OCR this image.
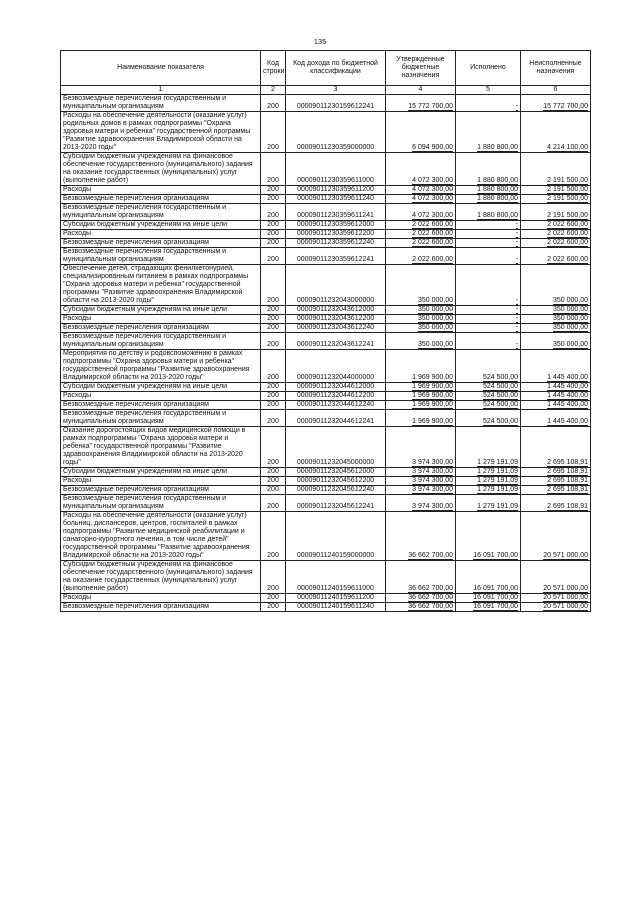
135
Наименование показателя	Код строки	Код дохода по бюджетной классификации	Утвержденные бюджетные назначения	Исполнено	Неисполненные назначения
1	2	3	4	5	6
Безвозмездные перечисления государственным и муниципальным организациям	200	00009011230159612241	15 772 700,00	-	15 772 700,00
Расходы на обеспечение деятельности (оказание услуг) родильных домов в рамках подпрограммы "Охрана здоровья матери и ребенка" государственной программы "Развитие здравоохранения Владимирской области на 2013-2020 годы"	200	00009011230359000000	6 094 900,00	1 880 800,00	4 214 100,00
Субсидии бюджетным учреждениям на финансовое обеспечение государственного (муниципального) задания на оказание государственных (муниципальных) услуг (выполнение работ)	200	00009011230359611000	4 072 300,00	1 880 800,00	2 191 500,00
Расходы	200	00009011230359611200	4 072 300,00	1 880 800,00	2 191 500,00
Безвозмездные перечисления организациям	200	00009011230359611240	4 072 300,00	1 880 800,00	2 191 500,00
Безвозмездные перечисления государственным и муниципальным организациям	200	00009011230359611241	4 072 300,00	1 880 800,00	2 191 500,00
Субсидии бюджетным учреждениям на иные цели	200	00009011230359612000	2 022 600,00	-	2 022 600,00
Расходы	200	00009011230359612200	2 022 600,00	-	2 022 600,00
Безвозмездные перечисления организациям	200	00009011230359612240	2 022 600,00	-	2 022 600,00
Безвозмездные перечисления государственным и муниципальным организациям	200	00009011230359612241	2 022 600,00	-	2 022 600,00
Обеспечение детей, страдающих фенилкетонурией, специализированным питанием в рамках подпрограммы "Охрана здоровья матери и ребенка" государственной программы "Развитие здравоохранения Владимирской области на 2013-2020 годы"	200	00009011232043000000	350 000,00	-	350 000,00
Субсидии бюджетным учреждениям на иные цели	200	00009011232043612000	350 000,00	-	350 000,00
Расходы	200	00009011232043612200	350 000,00	-	350 000,00
Безвозмездные перечисления организациям	200	00009011232043612240	350 000,00	-	350 000,00
Безвозмездные перечисления государственным и муниципальным организациям	200	00009011232043612241	350 000,00	-	350 000,00
Мероприятия по детству и родовспоможению в рамках подпрограммы "Охрана здоровья матери и ребенка" государственной программы "Развитие здравоохранения Владимирской области на 2013-2020 годы"	200	00009011232044000000	1 969 900,00	524 500,00	1 445 400,00
Субсидии бюджетным учреждениям на иные цели	200	00009011232044612000	1 969 900,00	524 500,00	1 445 400,00
Расходы	200	00009011232044612200	1 969 900,00	524 500,00	1 445 400,00
Безвозмездные перечисления организациям	200	00009011232044612240	1 969 900,00	524 500,00	1 445 400,00
Безвозмездные перечисления государственным и муниципальным организациям	200	00009011232044612241	1 969 900,00	524 500,00	1 445 400,00
Оказание дорогостоящих видов медицинской помощи в рамках подпрограммы "Охрана здоровья матери и ребенка" государственной программы "Развитие здравоохранения Владимирской области на 2013-2020 годы"	200	00009011232045000000	3 974 300,00	1 279 191,09	2 695 108,91
Субсидии бюджетным учреждениям на иные цели	200	00009011232045612000	3 974 300,00	1 279 191,09	2 695 108,91
Расходы	200	00009011232045612200	3 974 300,00	1 279 191,09	2 695 108,91
Безвозмездные перечисления организациям	200	00009011232045612240	3 974 300,00	1 279 191,09	2 695 108,91
Безвозмездные перечисления государственным и муниципальным организациям	200	00009011232045612241	3 974 300,00	1 279 191,09	2 695 108,91
Расходы на обеспечение деятельности (оказание услуг) больниц, диспансеров, центров, госпиталей в рамках подпрограммы "Развитие медицинской реабилитации и санаторно-курортного лечения, в том числе детей" государственной программы "Развитие здравоохранения Владимирской области на 2013-2020 годы"	200	00009011240159000000	36 662 700,00	16 091 700,00	20 571 000,00
Субсидии бюджетным учреждениям на финансовое обеспечение государственного (муниципального) задания на оказание государственных (муниципальных) услуг (выполнение работ)	200	00009011240159611000	36 662 700,00	16 091 700,00	20 571 000,00
Расходы	200	00009011240159611200	36 662 700,00	16 091 700,00	20 571 000,00
Безвозмездные перечисления организациям	200	00009011240159611240	36 662 700,00	16 091 700,00	20 571 000,00
